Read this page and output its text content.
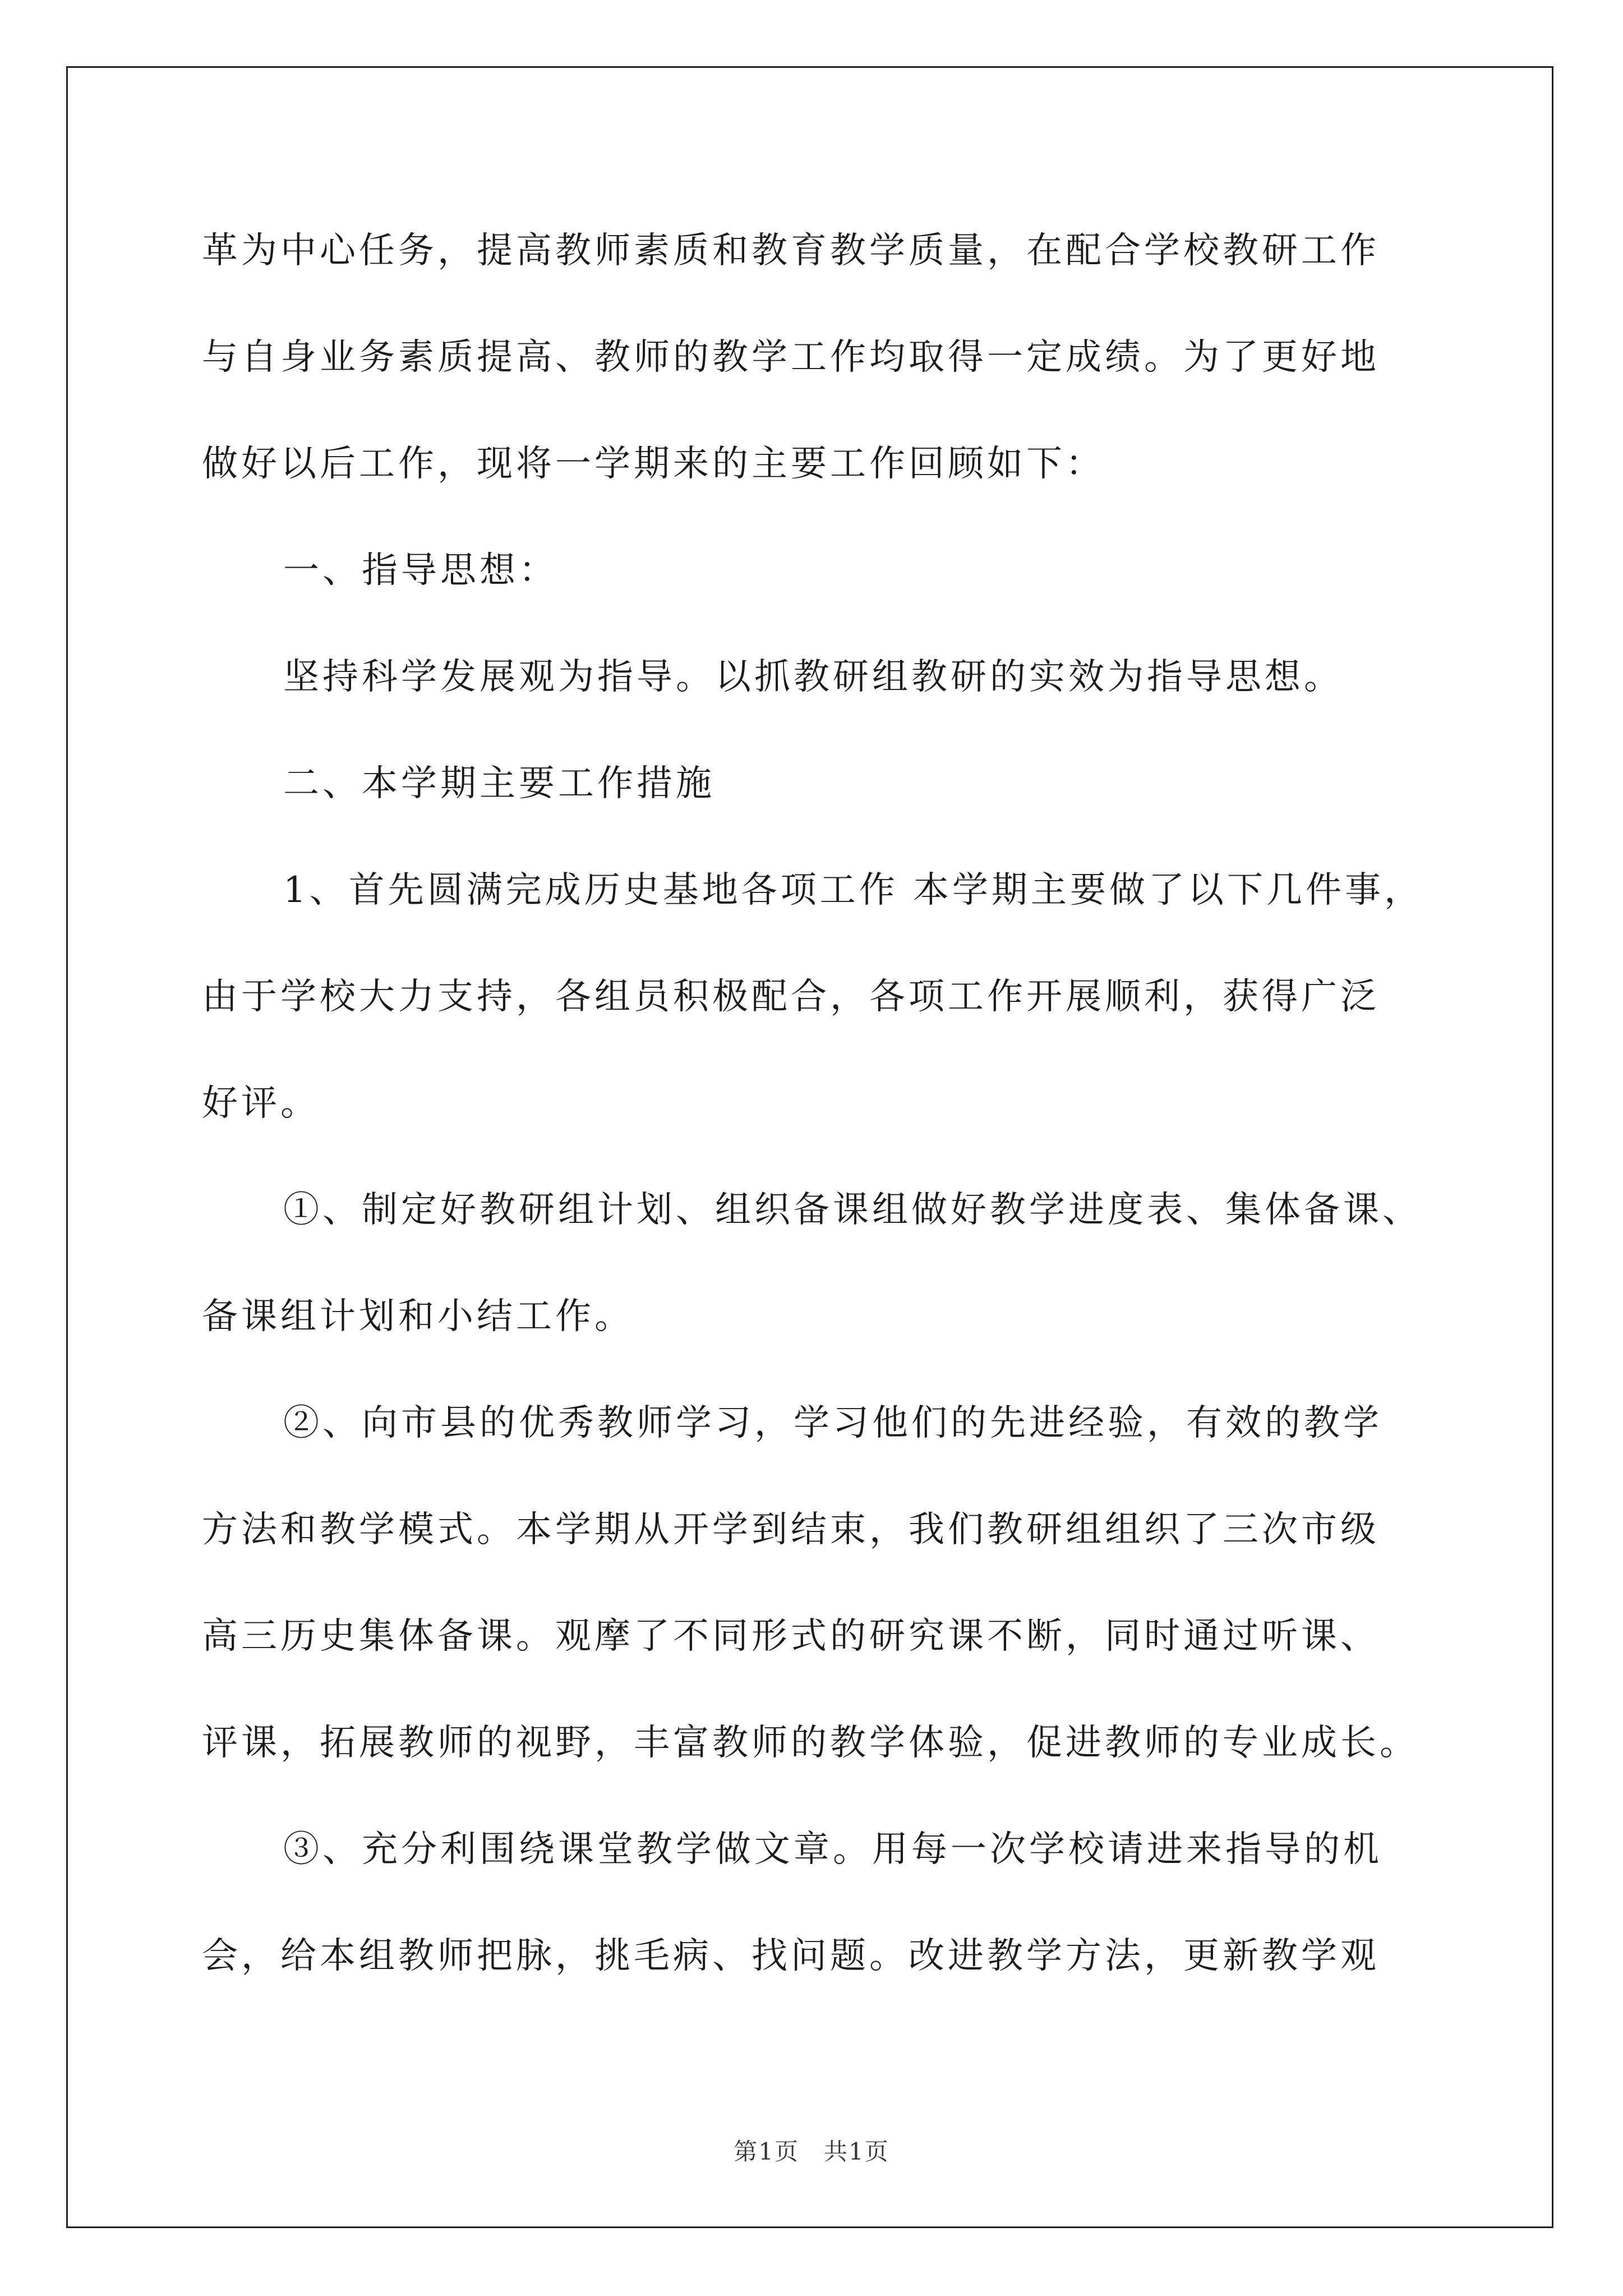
革为中心任务，提高教师素质和教育教学质量，在配合学校教研工作
与自身业务素质提高、教师的教学工作均取得一定成绩。为了更好地
做好以后工作，现将一学期来的主要工作回顾如下：
一、指导思想：
坚持科学发展观为指导。以抓教研组教研的实效为指导思想。
二、本学期主要工作措施
1、首先圆满完成历史基地各项工作 本学期主要做了以下几件事，
由于学校大力支持，各组员积极配合，各项工作开展顺利，获得广泛
好评。
①、制定好教研组计划、组织备课组做好教学进度表、集体备课、
备课组计划和小结工作。
②、向市县的优秀教师学习，学习他们的先进经验，有效的教学
方法和教学模式。本学期从开学到结束，我们教研组组织了三次市级
高三历史集体备课。观摩了不同形式的研究课不断，同时通过听课、
评课，拓展教师的视野，丰富教师的教学体验，促进教师的专业成长。
③、充分利围绕课堂教学做文章。用每一次学校请进来指导的机
会，给本组教师把脉，挑毛病、找问题。改进教学方法，更新教学观
第1页　共1页
